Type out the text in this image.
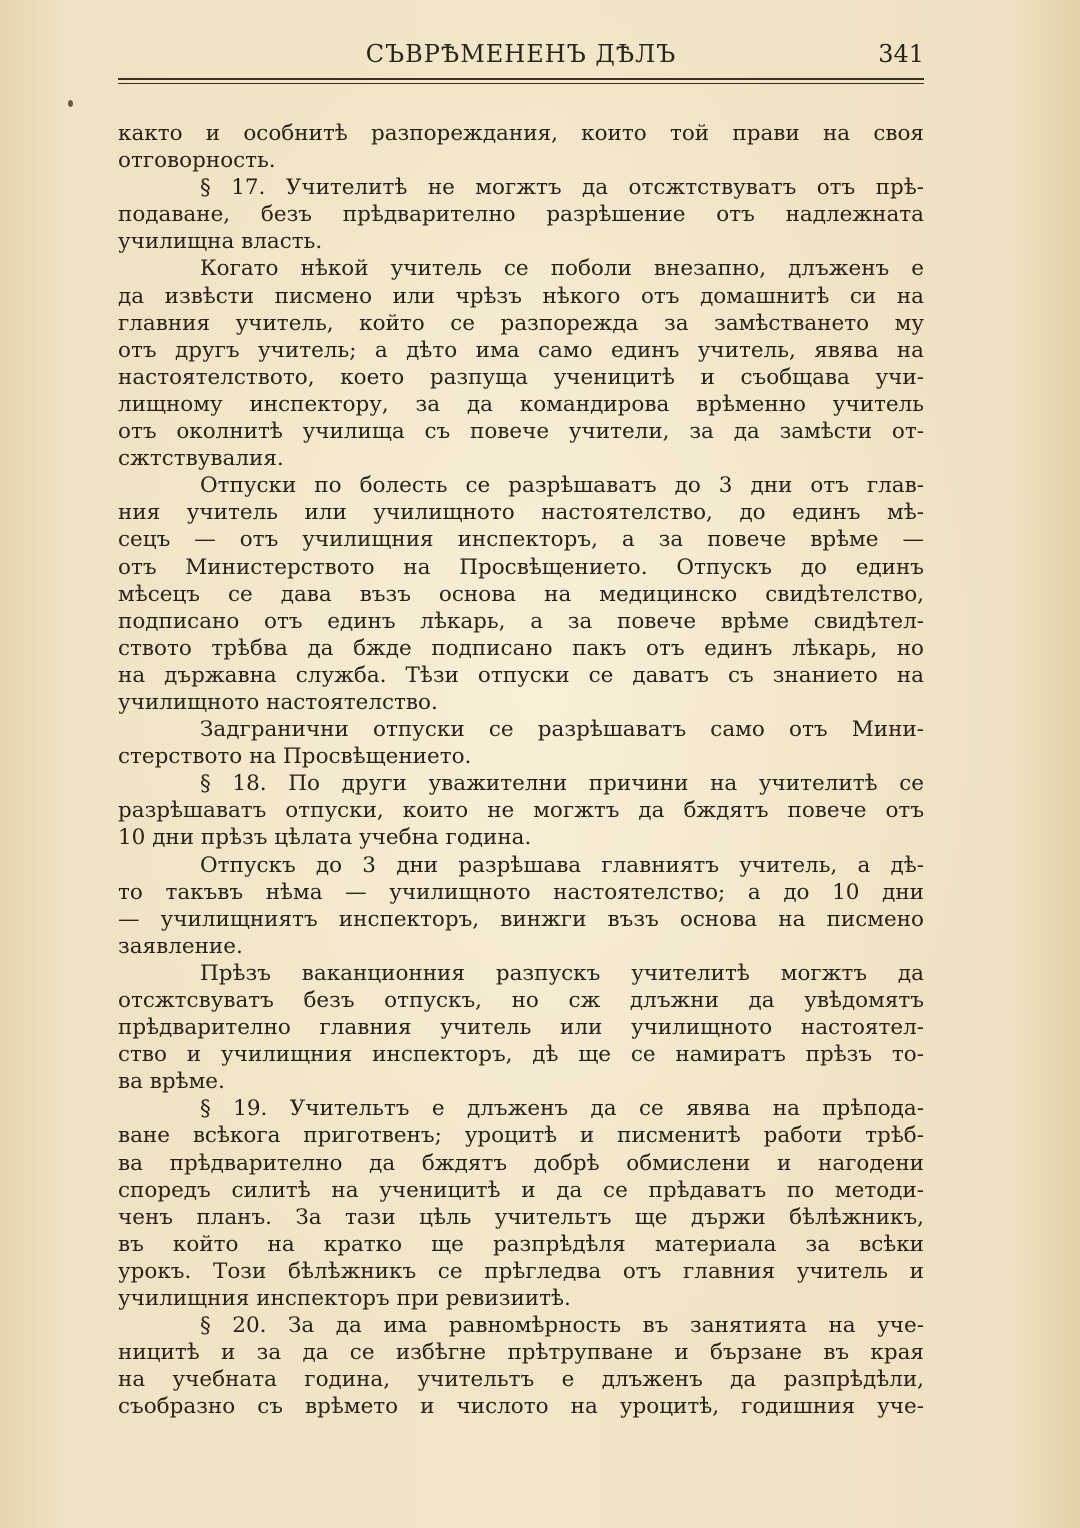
СЪВРѢМЕНЕНЪ ДѢЛЪ	341
както и особнитѣ разпореждания, които той прави на своя
отговорность.
§ 17. Учителитѣ не могжтъ да отсжтствуватъ отъ прѣ-
подаване, безъ прѣдварително разрѣшение отъ надлежната
училищна власть.
Когато нѣкой учитель се поболи внезапно, длъженъ е
да извѣсти писмено или чрѣзъ нѣкого отъ домашнитѣ си на
главния учитель, който се разпорежда за замѣстването му
отъ другъ учитель; а дѣто има само единъ учитель, явява на
настоятелството, което разпуща ученицитѣ и съобщава учи-
лищному инспектору, за да командирова врѣменно учитель
отъ околнитѣ училища съ повече учители, за да замѣсти от-
сжтствувалия.
Отпуски по болесть се разрѣшаватъ до 3 дни отъ глав-
ния учитель или училищното настоятелство, до единъ мѣ-
сецъ — отъ училищния инспекторъ, а за повече врѣме —
отъ Министерството на Просвѣщението. Отпускъ до единъ
мѣсецъ се дава възъ основа на медицинско свидѣтелство,
подписано отъ единъ лѣкарь, а за повече врѣме свидѣтел-
ството трѣбва да бжде подписано пакъ отъ единъ лѣкарь, но
на държавна служба. Тѣзи отпуски се даватъ съ знанието на
училищното настоятелство.
Задгранични отпуски се разрѣшаватъ само отъ Мини-
стерството на Просвѣщението.
§ 18. По други уважителни причини на учителитѣ се
разрѣшаватъ отпуски, които не могжтъ да бждятъ повече отъ
10 дни прѣзъ цѣлата учебна година.
Отпускъ до 3 дни разрѣшава главниятъ учитель, а дѣ-
то такъвъ нѣма — училищното настоятелство; а до 10 дни
— училищниятъ инспекторъ, винжги възъ основа на писмено
заявление.
Прѣзъ ваканционния разпускъ учителитѣ могжтъ да
отсжтсвуватъ безъ отпускъ, но сж длъжни да увѣдомятъ
прѣдварително главния учитель или училищното настоятел-
ство и училищния инспекторъ, дѣ ще се намиратъ прѣзъ то-
ва врѣме.
§ 19. Учительтъ е длъженъ да се явява на прѣпода-
ване всѣкога приготвенъ; уроцитѣ и писменитѣ работи трѣб-
ва прѣдварително да бждятъ добрѣ обмислени и нагодени
споредъ силитѣ на ученицитѣ и да се прѣдаватъ по методи-
ченъ планъ. За тази цѣль учительтъ ще държи бѣлѣжникъ,
въ който на кратко ще разпрѣдѣля материала за всѣки
урокъ. Този бѣлѣжникъ се прѣгледва отъ главния учитель и
училищния инспекторъ при ревизиитѣ.
§ 20. За да има равномѣрность въ занятията на уче-
ницитѣ и за да се избѣгне прѣтрупване и бързане въ края
на учебната година, учительтъ е длъженъ да разпрѣдѣли,
съобразно съ врѣмето и числото на уроцитѣ, годишния уче-
